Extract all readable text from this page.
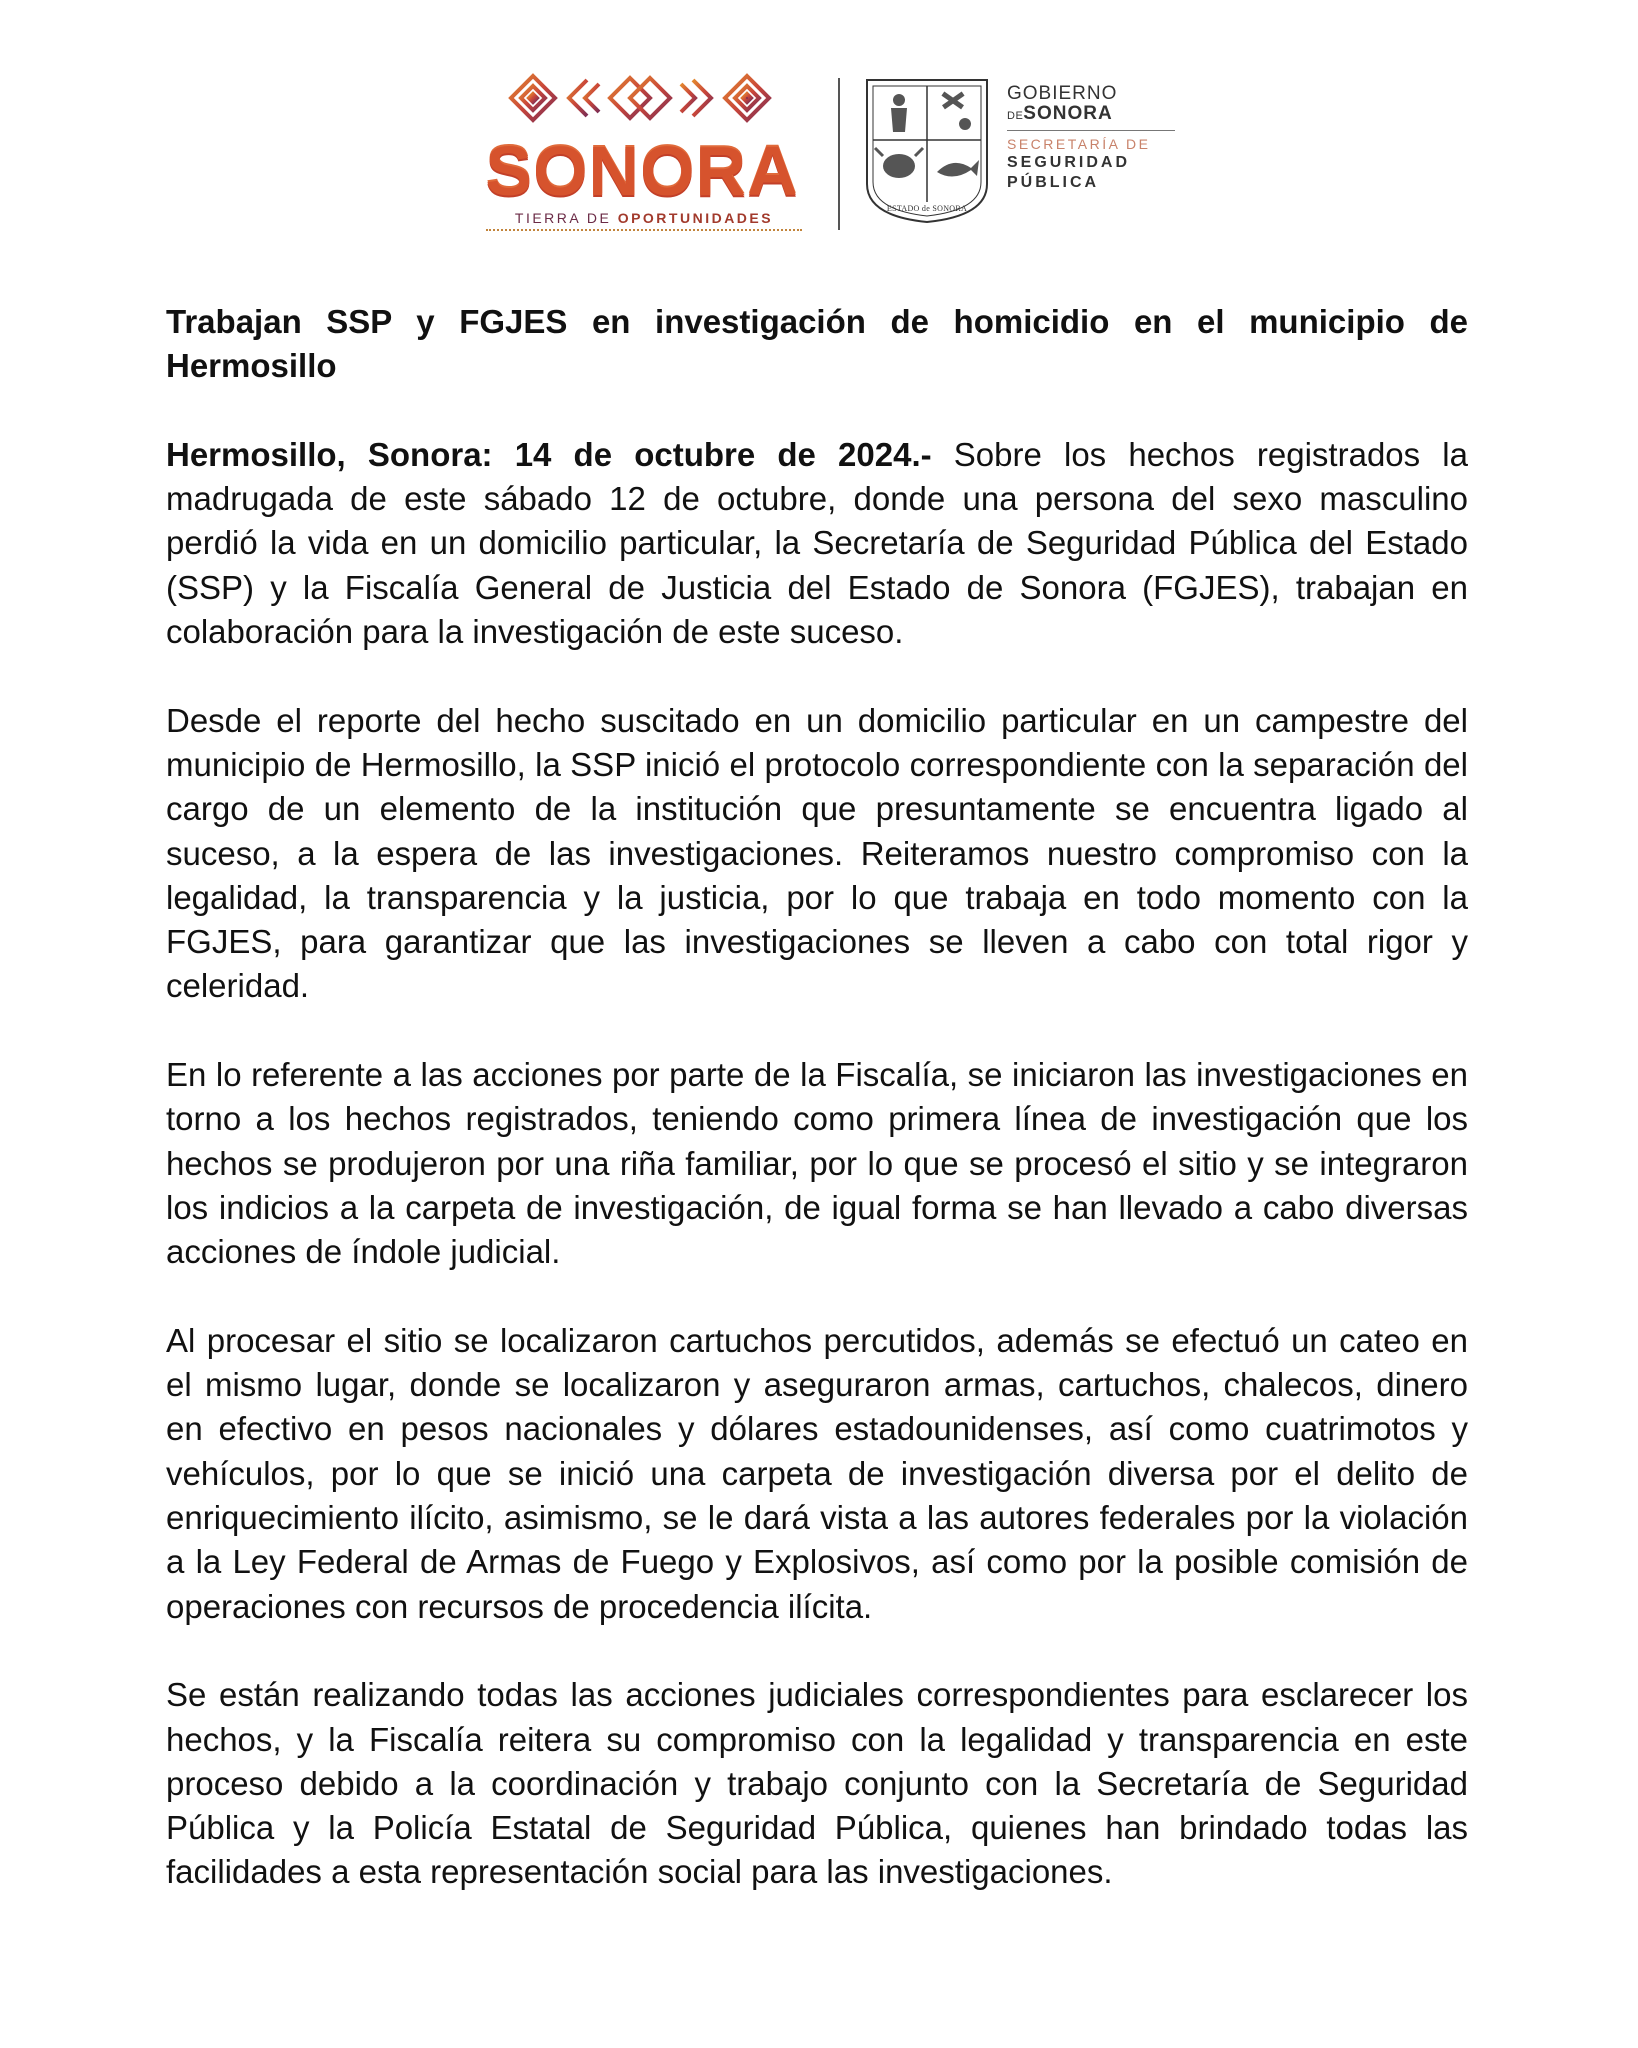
SONORA
TIERRA DE OPORTUNIDADES
ESTADO de SONORA
GOBIERNO
DESONORA
SECRETARÍA DE
SEGURIDAD
PÚBLICA

Trabajan SSP y FGJES en investigación de homicidio en el municipio de Hermosillo

Hermosillo, Sonora: 14 de octubre de 2024.- Sobre los hechos registrados la madrugada de este sábado 12 de octubre, donde una persona del sexo masculino perdió la vida en un domicilio particular, la Secretaría de Seguridad Pública del Estado (SSP) y la Fiscalía General de Justicia del Estado de Sonora (FGJES), trabajan en colaboración para la investigación de este suceso.

Desde el reporte del hecho suscitado en un domicilio particular en un campestre del municipio de Hermosillo, la SSP inició el protocolo correspondiente con la separación del cargo de un elemento de la institución que presuntamente se encuentra ligado al suceso, a la espera de las investigaciones. Reiteramos nuestro compromiso con la legalidad, la transparencia y la justicia, por lo que trabaja en todo momento con la FGJES, para garantizar que las investigaciones se lleven a cabo con total rigor y celeridad.

En lo referente a las acciones por parte de la Fiscalía, se iniciaron las investigaciones en torno a los hechos registrados, teniendo como primera línea de investigación que los hechos se produjeron por una riña familiar, por lo que se procesó el sitio y se integraron los indicios a la carpeta de investigación, de igual forma se han llevado a cabo diversas acciones de índole judicial.

Al procesar el sitio se localizaron cartuchos percutidos, además se efectuó un cateo en el mismo lugar, donde se localizaron y aseguraron armas, cartuchos, chalecos, dinero en efectivo en pesos nacionales y dólares estadounidenses, así como cuatrimotos y vehículos, por lo que se inició una carpeta de investigación diversa por el delito de enriquecimiento ilícito, asimismo, se le dará vista a las autores federales por la violación a la Ley Federal de Armas de Fuego y Explosivos, así como por la posible comisión de operaciones con recursos de procedencia ilícita.

Se están realizando todas las acciones judiciales correspondientes para esclarecer los hechos, y la Fiscalía reitera su compromiso con la legalidad y transparencia en este proceso debido a la coordinación y trabajo conjunto con la Secretaría de Seguridad Pública y la Policía Estatal de Seguridad Pública, quienes han brindado todas las facilidades a esta representación social para las investigaciones.
